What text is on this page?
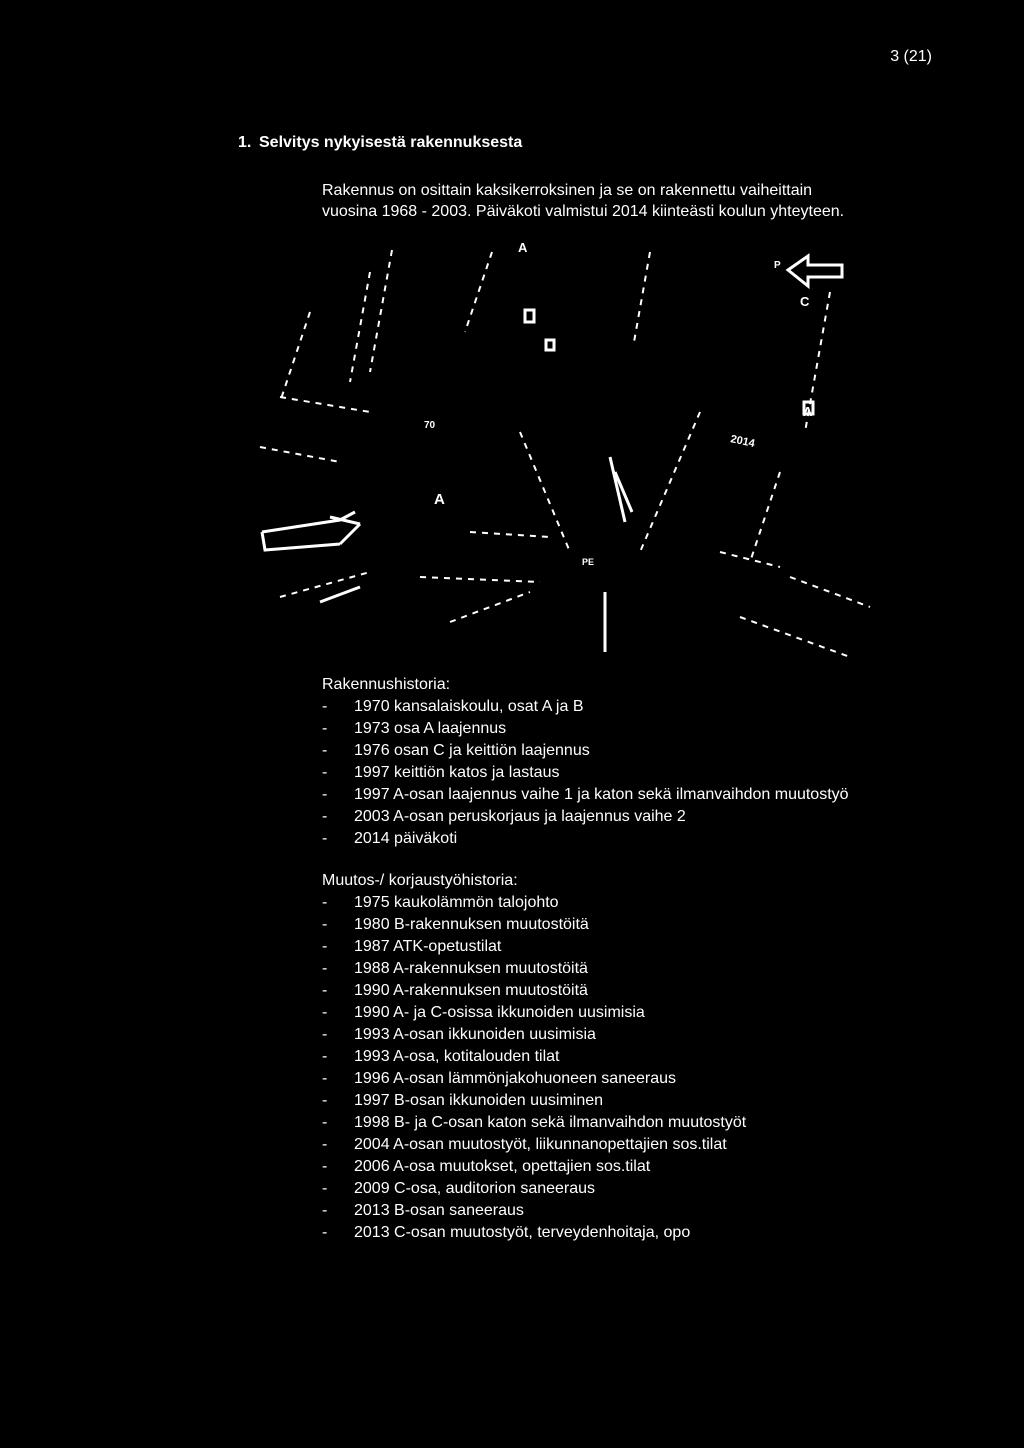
3 (21)
1. Selvitys nykyisestä rakennuksesta
Rakennus on osittain kaksikerroksinen ja se on rakennettu vaiheittain
vuosina 1968 - 2003. Päiväkoti valmistui 2014 kiinteästi koulun yhteyteen.
A
A
A
C
P
PE
2014
70
Rakennushistoria:
-	1970 kansalaiskoulu, osat A ja B
-	1973 osa A laajennus
-	1976 osan C ja keittiön laajennus
-	1997 keittiön katos ja lastaus
-	1997 A-osan laajennus vaihe 1 ja katon sekä ilmanvaihdon muutostyö
-	2003 A-osan peruskorjaus ja laajennus vaihe 2
-	2014 päiväkoti
Muutos-/ korjaustyöhistoria:
-	1975 kaukolämmön talojohto
-	1980 B-rakennuksen muutostöitä
-	1987 ATK-opetustilat
-	1988 A-rakennuksen muutostöitä
-	1990 A-rakennuksen muutostöitä
-	1990 A- ja C-osissa ikkunoiden uusimisia
-	1993 A-osan ikkunoiden uusimisia
-	1993 A-osa, kotitalouden tilat
-	1996 A-osan lämmönjakohuoneen saneeraus
-	1997 B-osan ikkunoiden uusiminen
-	1998 B- ja C-osan katon sekä ilmanvaihdon muutostyöt
-	2004 A-osan muutostyöt, liikunnanopettajien sos.tilat
-	2006 A-osa muutokset, opettajien sos.tilat
-	2009 C-osa, auditorion saneeraus
-	2013 B-osan saneeraus
-	2013 C-osan muutostyöt, terveydenhoitaja, opo
